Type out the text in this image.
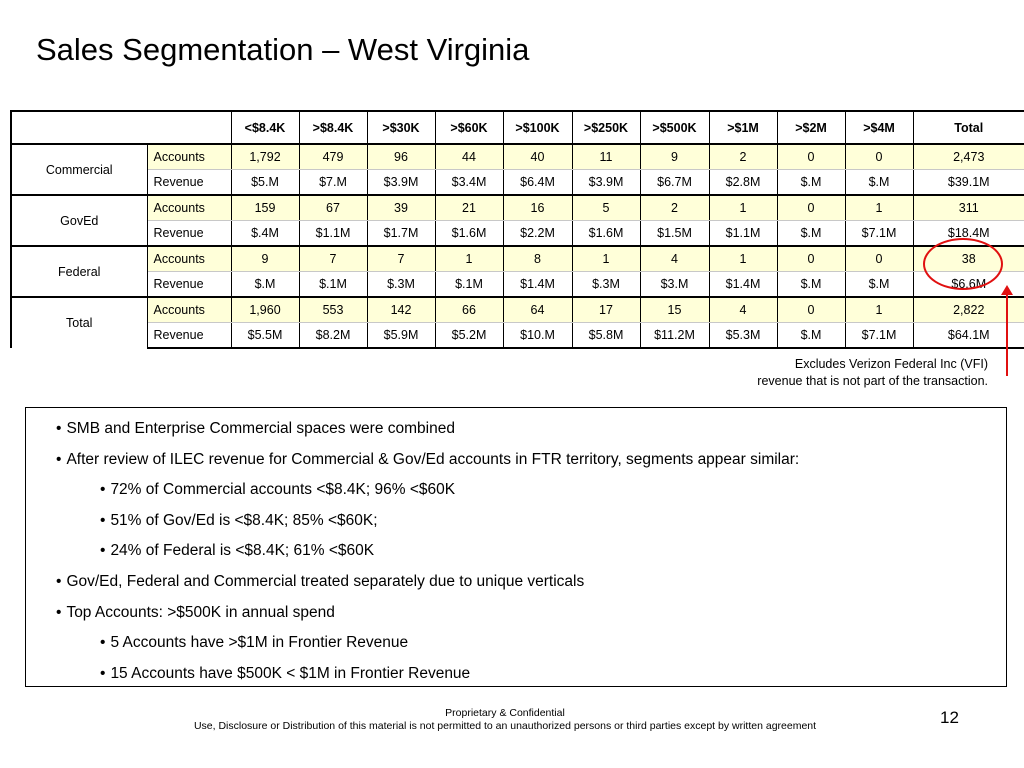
Sales Segmentation – West Virginia
		<$8.4K	>$8.4K	>$30K	>$60K	>$100K	>$250K	>$500K	>$1M	>$2M	>$4M	Total
Commercial	Accounts	1,792	479	96	44	40	11	9	2	0	0	2,473
	Revenue	$5.M	$7.M	$3.9M	$3.4M	$6.4M	$3.9M	$6.7M	$2.8M	$.M	$.M	$39.1M
GovEd	Accounts	159	67	39	21	16	5	2	1	0	1	311
	Revenue	$.4M	$1.1M	$1.7M	$1.6M	$2.2M	$1.6M	$1.5M	$1.1M	$.M	$7.1M	$18.4M
Federal	Accounts	9	7	7	1	8	1	4	1	0	0	38
	Revenue	$.M	$.1M	$.3M	$.1M	$1.4M	$.3M	$3.M	$1.4M	$.M	$.M	$6.6M
Total	Accounts	1,960	553	142	66	64	17	15	4	0	1	2,822
	Revenue	$5.5M	$8.2M	$5.9M	$5.2M	$10.M	$5.8M	$11.2M	$5.3M	$.M	$7.1M	$64.1M
Excludes Verizon Federal Inc (VFI)
revenue that is not part of the transaction.
• SMB and Enterprise Commercial spaces were combined
• After review of ILEC revenue for Commercial & Gov/Ed accounts in FTR territory, segments appear similar:
• 72% of Commercial accounts <$8.4K; 96% <$60K
• 51% of Gov/Ed is <$8.4K; 85% <$60K;
• 24% of Federal is <$8.4K; 61% <$60K
• Gov/Ed, Federal and Commercial treated separately due to unique verticals
• Top Accounts: >$500K in annual spend
• 5 Accounts have >$1M in Frontier Revenue
• 15 Accounts have $500K < $1M in Frontier Revenue
Proprietary & Confidential
Use, Disclosure or Distribution of this material is not permitted to an unauthorized persons or third parties except by written agreement	12
